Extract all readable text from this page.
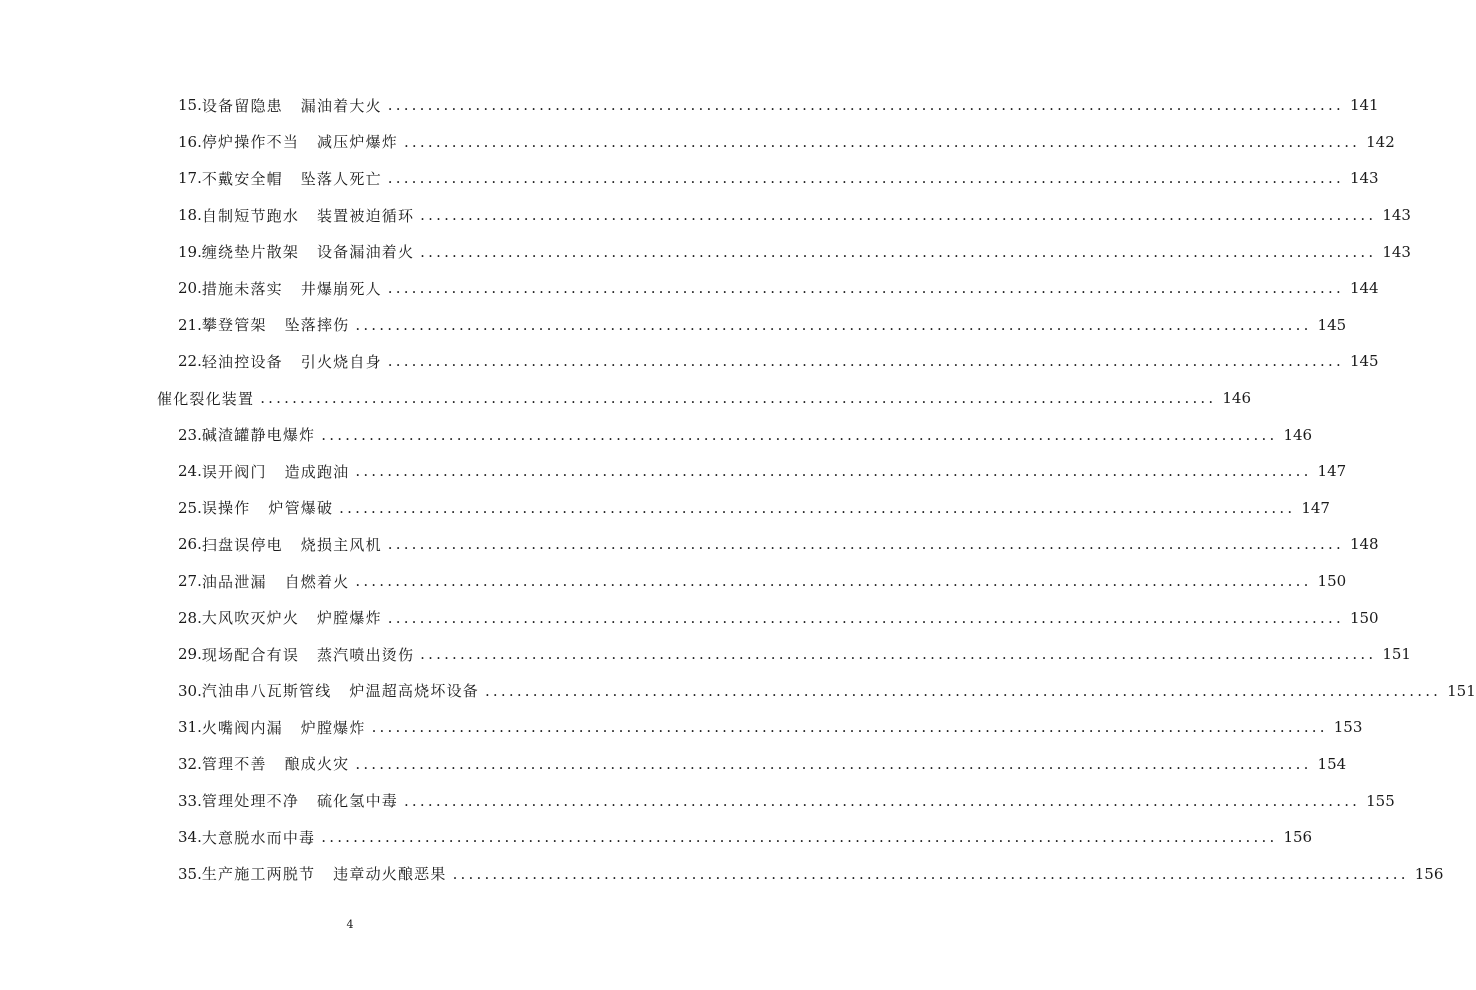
15. 设备留隐患   漏油着大火 ........................................................................................................................ 141
16. 停炉操作不当   减压炉爆炸 ........................................................................................................................ 142
17. 不戴安全帽   坠落人死亡 ........................................................................................................................ 143
18. 自制短节跑水   装置被迫循环 ........................................................................................................................ 143
19. 缠绕垫片散架   设备漏油着火 ........................................................................................................................ 143
20. 措施未落实   井爆崩死人 ........................................................................................................................ 144
21. 攀登管架   坠落摔伤 ........................................................................................................................ 145
22. 轻油控设备   引火烧自身 ........................................................................................................................ 145
催化裂化装置 ........................................................................................................................ 146
23. 碱渣罐静电爆炸 ........................................................................................................................ 146
24. 误开阀门   造成跑油 ........................................................................................................................ 147
25. 误操作   炉管爆破 ........................................................................................................................ 147
26. 扫盘误停电   烧损主风机 ........................................................................................................................ 148
27. 油品泄漏   自燃着火 ........................................................................................................................ 150
28. 大风吹灭炉火   炉膛爆炸 ........................................................................................................................ 150
29. 现场配合有误   蒸汽喷出烫伤 ........................................................................................................................ 151
30. 汽油串八瓦斯管线   炉温超高烧坏设备 ........................................................................................................................ 151
31. 火嘴阀内漏   炉膛爆炸 ........................................................................................................................ 153
32. 管理不善   酿成火灾 ........................................................................................................................ 154
33. 管理处理不净   硫化氢中毒 ........................................................................................................................ 155
34. 大意脱水而中毒 ........................................................................................................................ 156
35. 生产施工两脱节   违章动火酿恶果 ........................................................................................................................ 156
4
